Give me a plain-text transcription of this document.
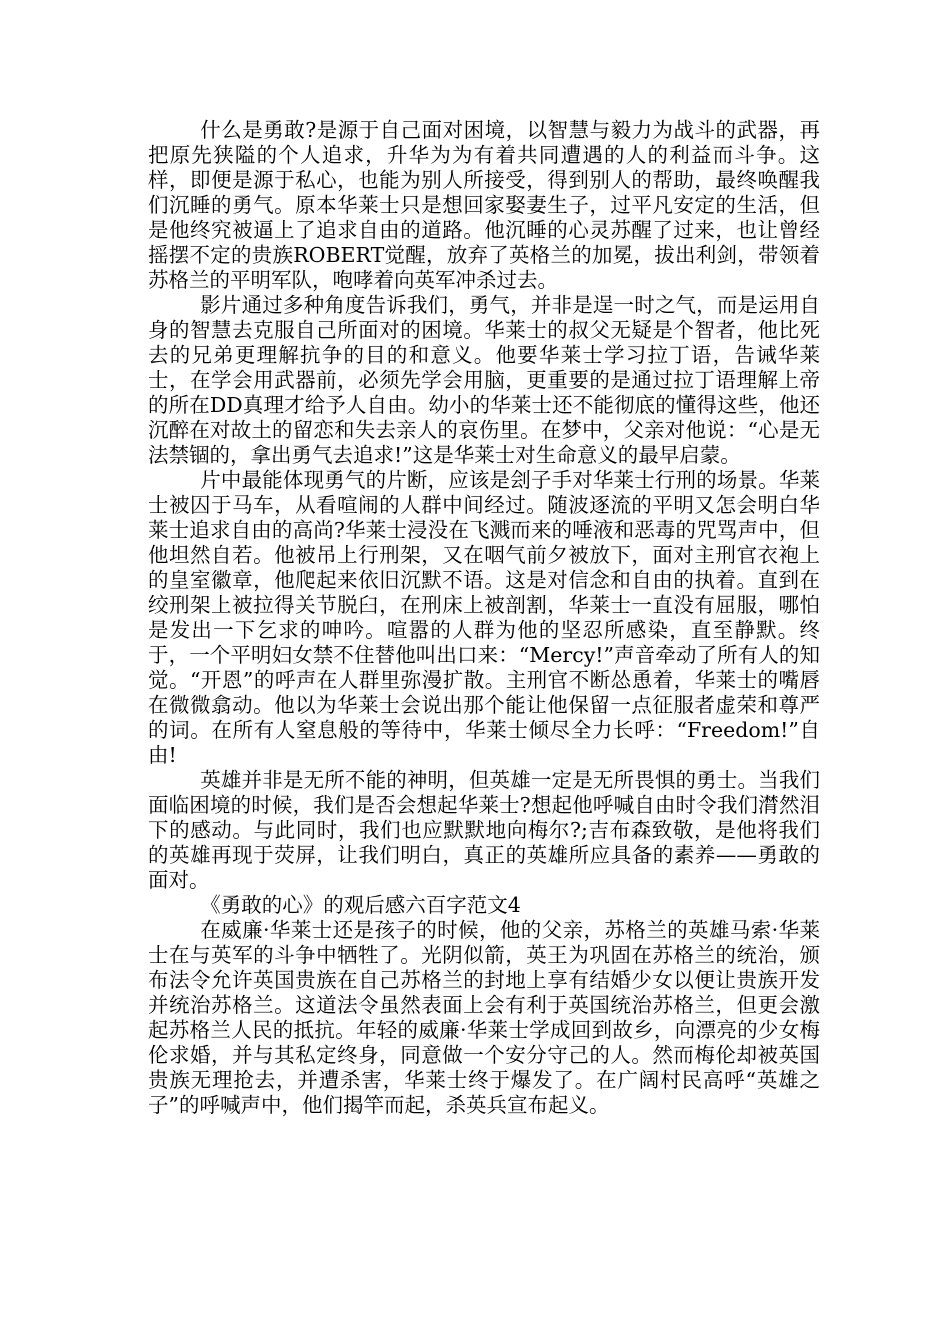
什么是勇敢?是源于自己面对困境，以智慧与毅力为战斗的武器，再把原先狭隘的个人追求，升华为为有着共同遭遇的人的利益而斗争。这样，即便是源于私心，也能为别人所接受，得到别人的帮助，最终唤醒我们沉睡的勇气。原本华莱士只是想回家娶妻生子，过平凡安定的生活，但是他终究被逼上了追求自由的道路。他沉睡的心灵苏醒了过来，也让曾经摇摆不定的贵族ROBERT觉醒，放弃了英格兰的加冕，拔出利剑，带领着苏格兰的平明军队，咆哮着向英军冲杀过去。

影片通过多种角度告诉我们，勇气，并非是逞一时之气，而是运用自身的智慧去克服自己所面对的困境。华莱士的叔父无疑是个智者，他比死去的兄弟更理解抗争的目的和意义。他要华莱士学习拉丁语，告诫华莱士，在学会用武器前，必须先学会用脑，更重要的是通过拉丁语理解上帝的所在DD真理才给予人自由。幼小的华莱士还不能彻底的懂得这些，他还沉醉在对故土的留恋和失去亲人的哀伤里。在梦中，父亲对他说：“心是无法禁锢的，拿出勇气去追求!”这是华莱士对生命意义的最早启蒙。

片中最能体现勇气的片断，应该是刽子手对华莱士行刑的场景。华莱士被囚于马车，从看喧闹的人群中间经过。随波逐流的平明又怎会明白华莱士追求自由的高尚?华莱士浸没在飞溅而来的唾液和恶毒的咒骂声中，但他坦然自若。他被吊上行刑架，又在咽气前夕被放下，面对主刑官衣袍上的皇室徽章，他爬起来依旧沉默不语。这是对信念和自由的执着。直到在绞刑架上被拉得关节脱臼，在刑床上被剖割，华莱士一直没有屈服，哪怕是发出一下乞求的呻吟。喧嚣的人群为他的坚忍所感染，直至静默。终于，一个平明妇女禁不住替他叫出口来：“Mercy!”声音牵动了所有人的知觉。“开恩”的呼声在人群里弥漫扩散。主刑官不断怂恿着，华莱士的嘴唇在微微翕动。他以为华莱士会说出那个能让他保留一点征服者虚荣和尊严的词。在所有人窒息般的等待中，华莱士倾尽全力长呼：“Freedom!”自由!

英雄并非是无所不能的神明，但英雄一定是无所畏惧的勇士。当我们面临困境的时候，我们是否会想起华莱士?想起他呼喊自由时令我们潸然泪下的感动。与此同时，我们也应默默地向梅尔?;吉布森致敬，是他将我们的英雄再现于荧屏，让我们明白，真正的英雄所应具备的素养——勇敢的面对。

《勇敢的心》的观后感六百字范文4

在威廉·华莱士还是孩子的时候，他的父亲，苏格兰的英雄马索·华莱士在与英军的斗争中牺牲了。光阴似箭，英王为巩固在苏格兰的统治，颁布法令允许英国贵族在自己苏格兰的封地上享有结婚少女以便让贵族开发并统治苏格兰。这道法令虽然表面上会有利于英国统治苏格兰，但更会激起苏格兰人民的抵抗。年轻的威廉·华莱士学成回到故乡，向漂亮的少女梅伦求婚，并与其私定终身，同意做一个安分守己的人。然而梅伦却被英国贵族无理抢去，并遭杀害，华莱士终于爆发了。在广阔村民高呼“英雄之子”的呼喊声中，他们揭竿而起，杀英兵宣布起义。
